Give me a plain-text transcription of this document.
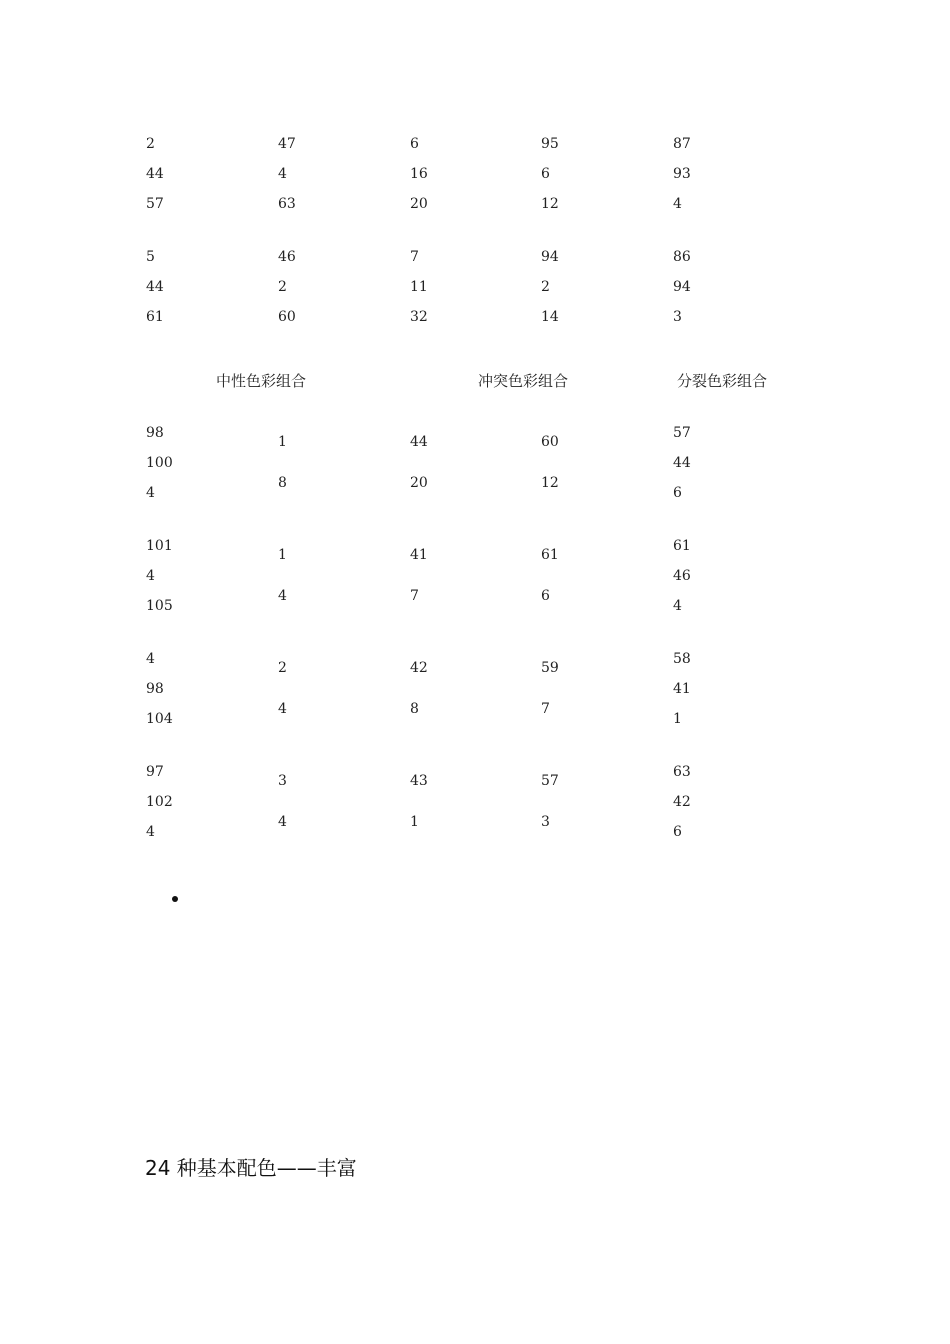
2
44
57
47
4
63
6
16
20
95
6
12
87
93
4
5
44
61
46
2
60
7
11
32
94
2
14
86
94
3
中性色彩组合	冲突色彩组合	分裂色彩组合
98
100
4
1
8
44
20
60
12
57
44
6
101
4
105
1
4
41
7
61
6
61
46
4
4
98
104
2
4
42
8
59
7
58
41
1
97
102
4
3
4
43
1
57
3
63
42
6
24 种基本配色——丰富
